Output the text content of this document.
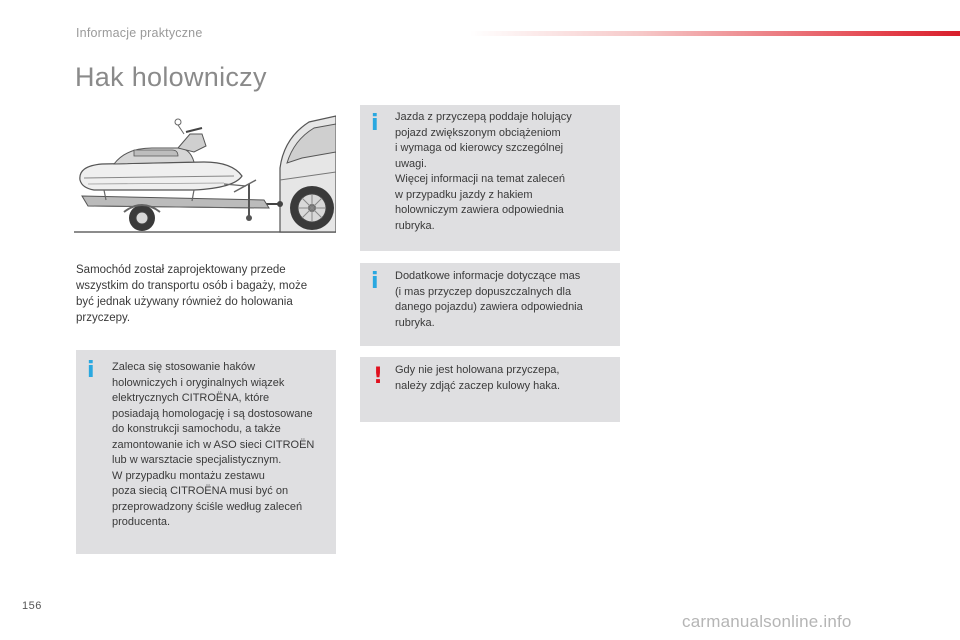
Informacje praktyczne
Hak holowniczy
Samochód został zaprojektowany przede
wszystkim do transportu osób i bagaży, może
być jednak używany również do holowania
przyczepy.
i Zaleca się stosowanie haków
holowniczych i oryginalnych wiązek
elektrycznych CITROËNA, które
posiadają homologację i są dostosowane
do konstrukcji samochodu, a także
zamontowanie ich w ASO sieci CITROËN
lub w warsztacie specjalistycznym.
W przypadku montażu zestawu
poza siecią CITROËNA musi być on
przeprowadzony ściśle według zaleceń
producenta.
i Jazda z przyczepą poddaje holujący
pojazd zwiększonym obciążeniom
i wymaga od kierowcy szczególnej
uwagi.
Więcej informacji na temat zaleceń
w przypadku jazdy z hakiem
holowniczym zawiera odpowiednia
rubryka.
i Dodatkowe informacje dotyczące mas
(i mas przyczep dopuszczalnych dla
danego pojazdu) zawiera odpowiednia
rubryka.
! Gdy nie jest holowana przyczepa,
należy zdjąć zaczep kulowy haka.
156
carmanualsonline.info
